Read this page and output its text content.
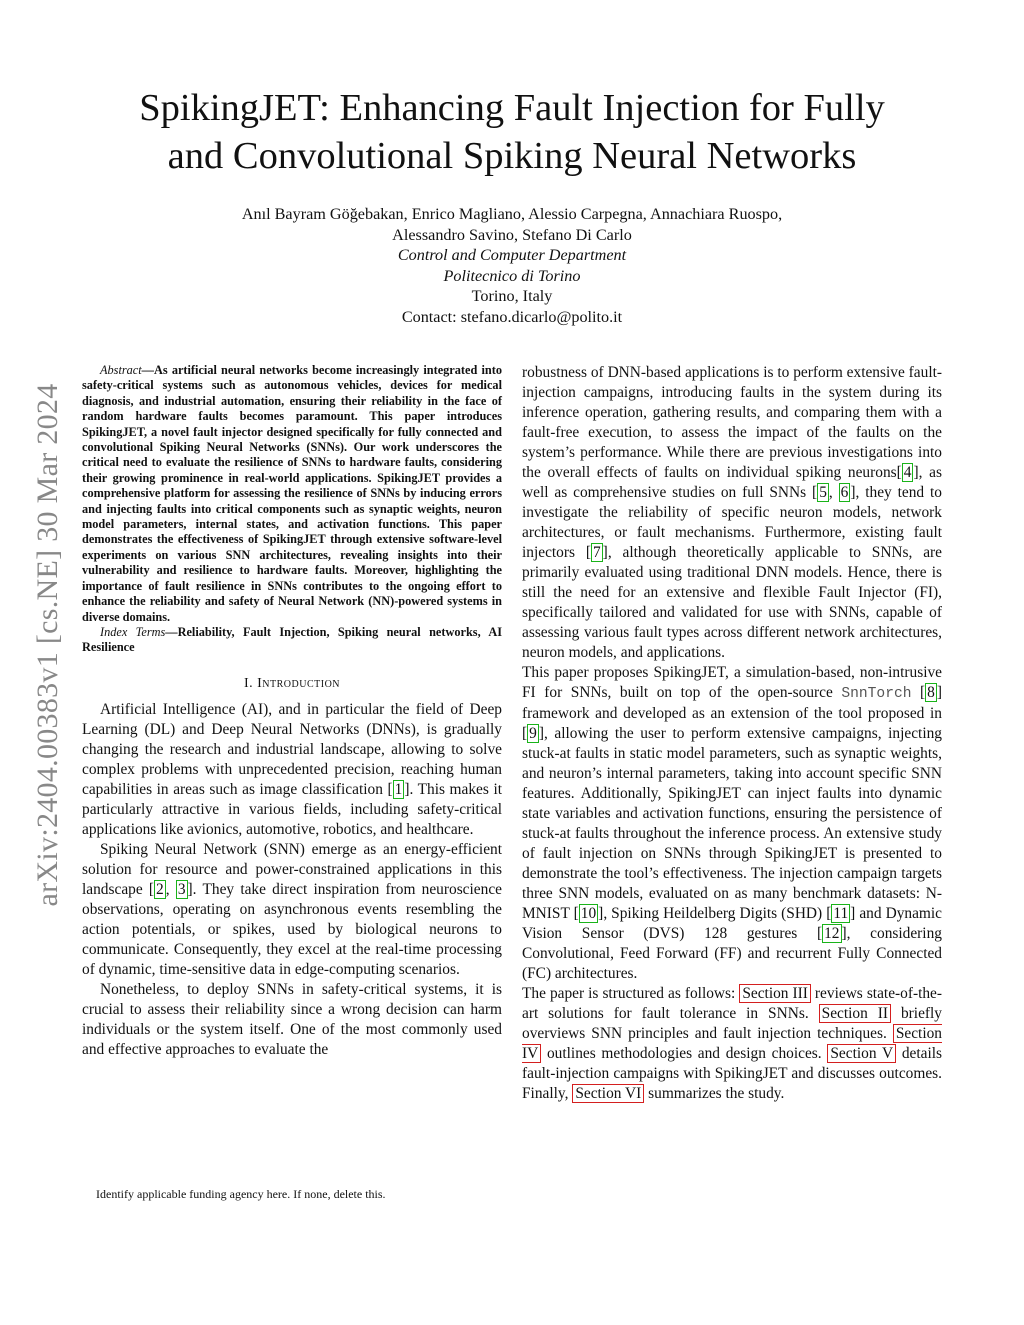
arXiv:2404.00383v1 [cs.NE] 30 Mar 2024
SpikingJET: Enhancing Fault Injection for Fully
and Convolutional Spiking Neural Networks
Anıl Bayram Göğebakan, Enrico Magliano, Alessio Carpegna, Annachiara Ruospo,
Alessandro Savino, Stefano Di Carlo
Control and Computer Department
Politecnico di Torino
Torino, Italy
Contact: stefano.dicarlo@polito.it

Abstract—As artificial neural networks become increasingly integrated into safety-critical systems such as autonomous vehicles, devices for medical diagnosis, and industrial automation, ensuring their reliability in the face of random hardware faults becomes paramount. This paper introduces SpikingJET, a novel fault injector designed specifically for fully connected and convolutional Spiking Neural Networks (SNNs). Our work underscores the critical need to evaluate the resilience of SNNs to hardware faults, considering their growing prominence in real-world applications. SpikingJET provides a comprehensive platform for assessing the resilience of SNNs by inducing errors and injecting faults into critical components such as synaptic weights, neuron model parameters, internal states, and activation functions. This paper demonstrates the effectiveness of SpikingJET through extensive software-level experiments on various SNN architectures, revealing insights into their vulnerability and resilience to hardware faults. Moreover, highlighting the importance of fault resilience in SNNs contributes to the ongoing effort to enhance the reliability and safety of Neural Network (NN)-powered systems in diverse domains.

Index Terms—Reliability, Fault Injection, Spiking neural networks, AI Resilience

I. Introduction

Artificial Intelligence (AI), and in particular the field of Deep Learning (DL) and Deep Neural Networks (DNNs), is gradually changing the research and industrial landscape, allowing to solve complex problems with unprecedented precision, reaching human capabilities in areas such as image classification [ 1 ]. This makes it particularly attractive in various fields, including safety-critical applications like avionics, automotive, robotics, and healthcare.

Spiking Neural Network (SNN) emerge as an energy-efficient solution for resource and power-constrained applications in this landscape [ 2 , 3 ]. They take direct inspiration from neuroscience observations, operating on asynchronous events resembling the action potentials, or spikes, used by biological neurons to communicate. Consequently, they excel at the real-time processing of dynamic, time-sensitive data in edge-computing scenarios.

Nonetheless, to deploy SNNs in safety-critical systems, it is crucial to assess their reliability since a wrong decision can harm individuals or the system itself. One of the most commonly used and effective approaches to evaluate the

robustness of DNN-based applications is to perform extensive fault-injection campaigns, introducing faults in the system during its inference operation, gathering results, and comparing them with a fault-free execution, to assess the impact of the faults on the system’s performance. While there are previous investigations into the overall effects of faults on individual spiking neurons[ 4 ], as well as comprehensive studies on full SNNs [ 5 , 6 ], they tend to investigate the reliability of specific neuron models, network architectures, or fault mechanisms. Furthermore, existing fault injectors [ 7 ], although theoretically applicable to SNNs, are primarily evaluated using traditional DNN models. Hence, there is still the need for an extensive and flexible Fault Injector (FI), specifically tailored and validated for use with SNNs, capable of assessing various fault types across different network architectures, neuron models, and applications.

This paper proposes SpikingJET, a simulation-based, non-intrusive FI for SNNs, built on top of the open-source SnnTorch [ 8 ] framework and developed as an extension of the tool proposed in [ 9 ], allowing the user to perform extensive campaigns, injecting stuck-at faults in static model parameters, such as synaptic weights, and neuron’s internal parameters, taking into account specific SNN features. Additionally, SpikingJET can inject faults into dynamic state variables and activation functions, ensuring the persistence of stuck-at faults throughout the inference process. An extensive study of fault injection on SNNs through SpikingJET is presented to demonstrate the tool’s effectiveness. The injection campaign targets three SNN models, evaluated on as many benchmark datasets: N-MNIST [ 10 ], Spiking Heildelberg Digits (SHD) [ 11 ] and Dynamic Vision Sensor (DVS) 128 gestures [ 12 ], considering Convolutional, Feed Forward (FF) and recurrent Fully Connected (FC) architectures.

The paper is structured as follows: Section III reviews state-of-the-art solutions for fault tolerance in SNNs. Section II briefly overviews SNN principles and fault injection techniques. Section IV outlines methodologies and design choices. Section V details fault-injection campaigns with SpikingJET and discusses outcomes. Finally, Section VI summarizes the study.

Identify applicable funding agency here. If none, delete this.
